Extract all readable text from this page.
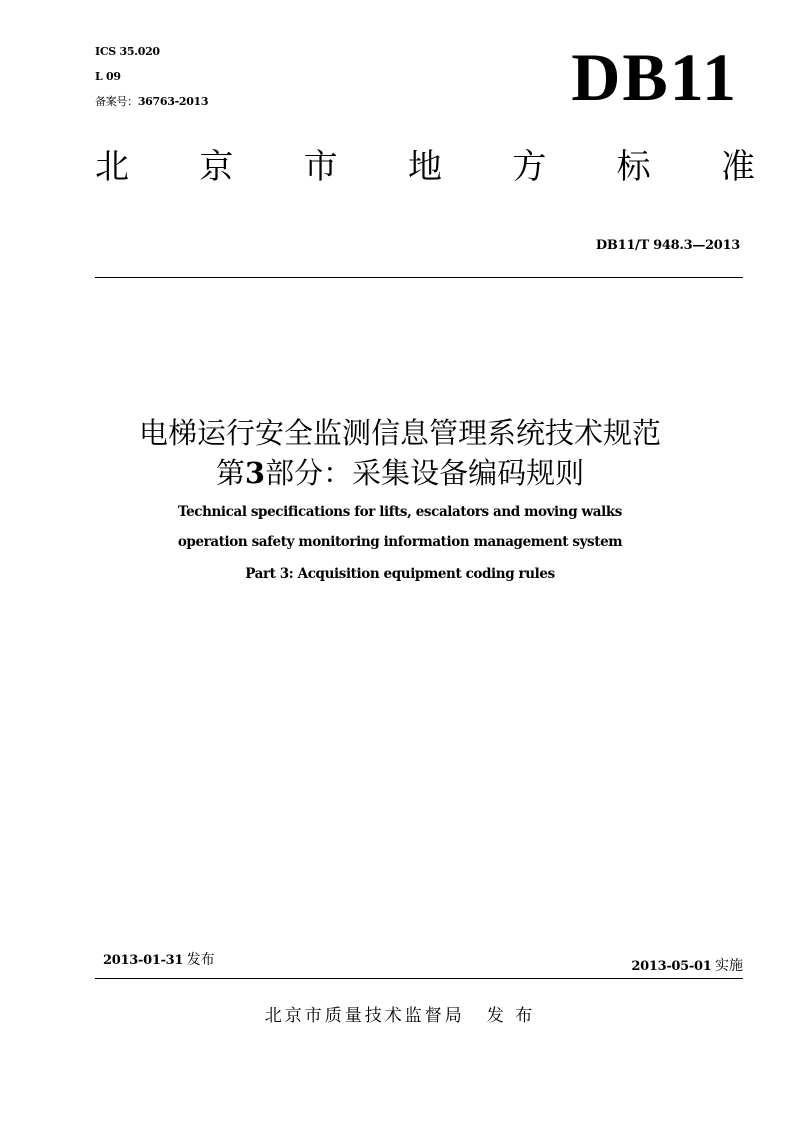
ICS 35.020
L 09
备案号：36763-2013	DB11
北 京 市 地 方 标 准
DB11/T 948.3—2013
电梯运行安全监测信息管理系统技术规范
第3部分：采集设备编码规则
Technical specifications for lifts, escalators and moving walks
operation safety monitoring information management system
Part 3: Acquisition equipment coding rules
2013-01-31 发布	2013-05-01 实施
北京市质量技术监督局 发 布
